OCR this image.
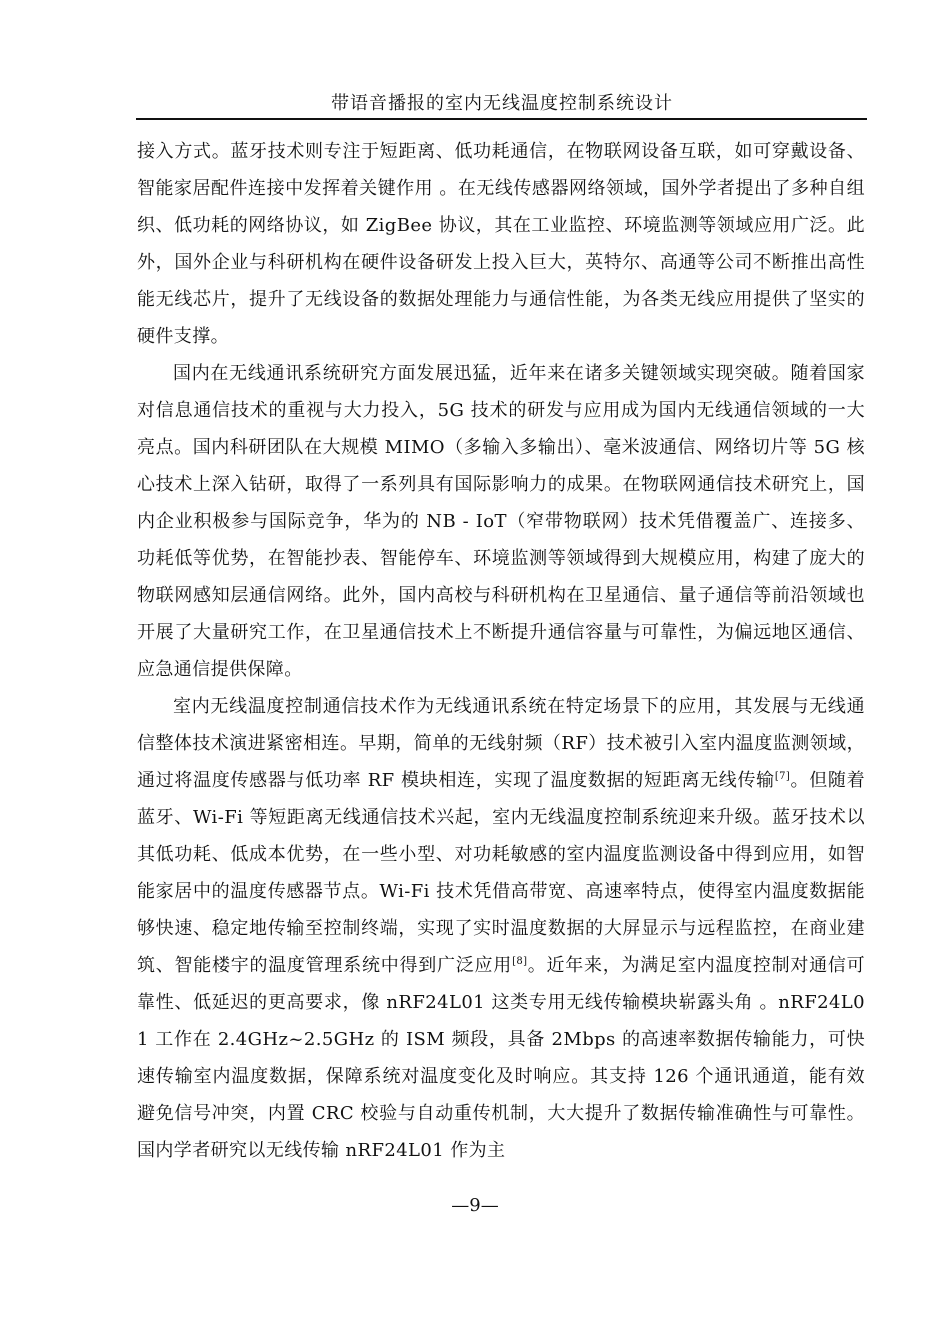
带语音播报的室内无线温度控制系统设计

接入方式。蓝牙技术则专注于短距离、低功耗通信，在物联网设备互联，如可穿戴设备、智能家居配件连接中发挥着关键作用 。在无线传感器网络领域，国外学者提出了多种自组织、低功耗的网络协议，如 ZigBee 协议，其在工业监控、环境监测等领域应用广泛。此外，国外企业与科研机构在硬件设备研发上投入巨大，英特尔、高通等公司不断推出高性能无线芯片，提升了无线设备的数据处理能力与通信性能，为各类无线应用提供了坚实的硬件支撑。

国内在无线通讯系统研究方面发展迅猛，近年来在诸多关键领域实现突破。随着国家对信息通信技术的重视与大力投入，5G 技术的研发与应用成为国内无线通信领域的一大亮点。国内科研团队在大规模 MIMO（多输入多输出）、毫米波通信、网络切片等 5G 核心技术上深入钻研，取得了一系列具有国际影响力的成果。在物联网通信技术研究上，国内企业积极参与国际竞争，华为的 NB - IoT（窄带物联网）技术凭借覆盖广、连接多、功耗低等优势，在智能抄表、智能停车、环境监测等领域得到大规模应用，构建了庞大的物联网感知层通信网络。此外，国内高校与科研机构在卫星通信、量子通信等前沿领域也开展了大量研究工作，在卫星通信技术上不断提升通信容量与可靠性，为偏远地区通信、应急通信提供保障。

室内无线温度控制通信技术作为无线通讯系统在特定场景下的应用，其发展与无线通信整体技术演进紧密相连。早期，简单的无线射频（RF）技术被引入室内温度监测领域，通过将温度传感器与低功率 RF 模块相连，实现了温度数据的短距离无线传输[7]。但随着蓝牙、Wi-Fi 等短距离无线通信技术兴起，室内无线温度控制系统迎来升级。蓝牙技术以其低功耗、低成本优势，在一些小型、对功耗敏感的室内温度监测设备中得到应用，如智能家居中的温度传感器节点。Wi-Fi 技术凭借高带宽、高速率特点，使得室内温度数据能够快速、稳定地传输至控制终端，实现了实时温度数据的大屏显示与远程监控，在商业建筑、智能楼宇的温度管理系统中得到广泛应用[8]。近年来，为满足室内温度控制对通信可靠性、低延迟的更高要求，像 nRF24L01 这类专用无线传输模块崭露头角 。nRF24L01 工作在 2.4GHz~2.5GHz 的 ISM 频段，具备 2Mbps 的高速率数据传输能力，可快速传输室内温度数据，保障系统对温度变化及时响应。其支持 126 个通讯通道，能有效避免信号冲突，内置 CRC 校验与自动重传机制，大大提升了数据传输准确性与可靠性。国内学者研究以无线传输 nRF24L01 作为主

—9—
